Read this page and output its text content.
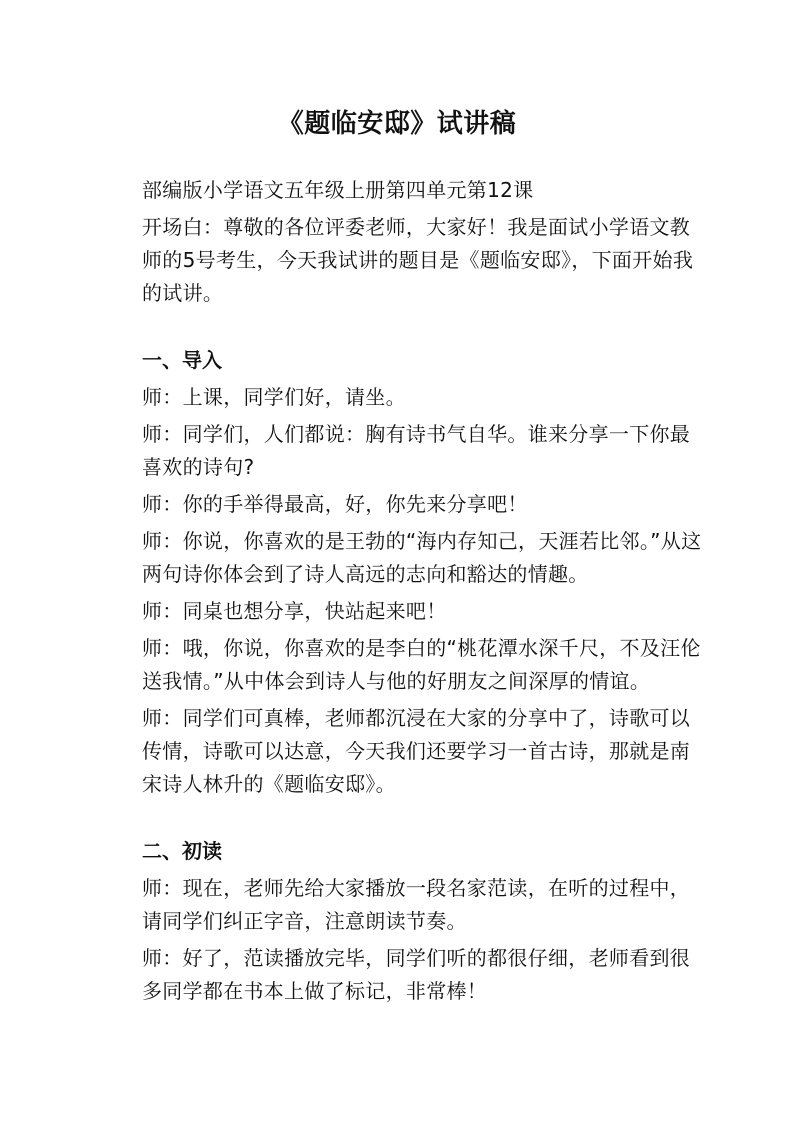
《题临安邸》试讲稿

部编版小学语文五年级上册第四单元第12课

开场白：尊敬的各位评委老师，大家好！我是面试小学语文教师的5号考生，今天我试讲的题目是《题临安邸》，下面开始我的试讲。

一、导入

师：上课，同学们好，请坐。

师：同学们，人们都说：胸有诗书气自华。谁来分享一下你最喜欢的诗句?

师：你的手举得最高，好，你先来分享吧！

师：你说，你喜欢的是王勃的“海内存知己，天涯若比邻。”从这两句诗你体会到了诗人高远的志向和豁达的情趣。

师：同桌也想分享，快站起来吧！

师：哦，你说，你喜欢的是李白的“桃花潭水深千尺，不及汪伦送我情。”从中体会到诗人与他的好朋友之间深厚的情谊。

师：同学们可真棒，老师都沉浸在大家的分享中了，诗歌可以传情，诗歌可以达意，今天我们还要学习一首古诗，那就是南宋诗人林升的《题临安邸》。

二、初读

师：现在，老师先给大家播放一段名家范读，在听的过程中，请同学们纠正字音，注意朗读节奏。

师：好了，范读播放完毕，同学们听的都很仔细，老师看到很多同学都在书本上做了标记，非常棒！
